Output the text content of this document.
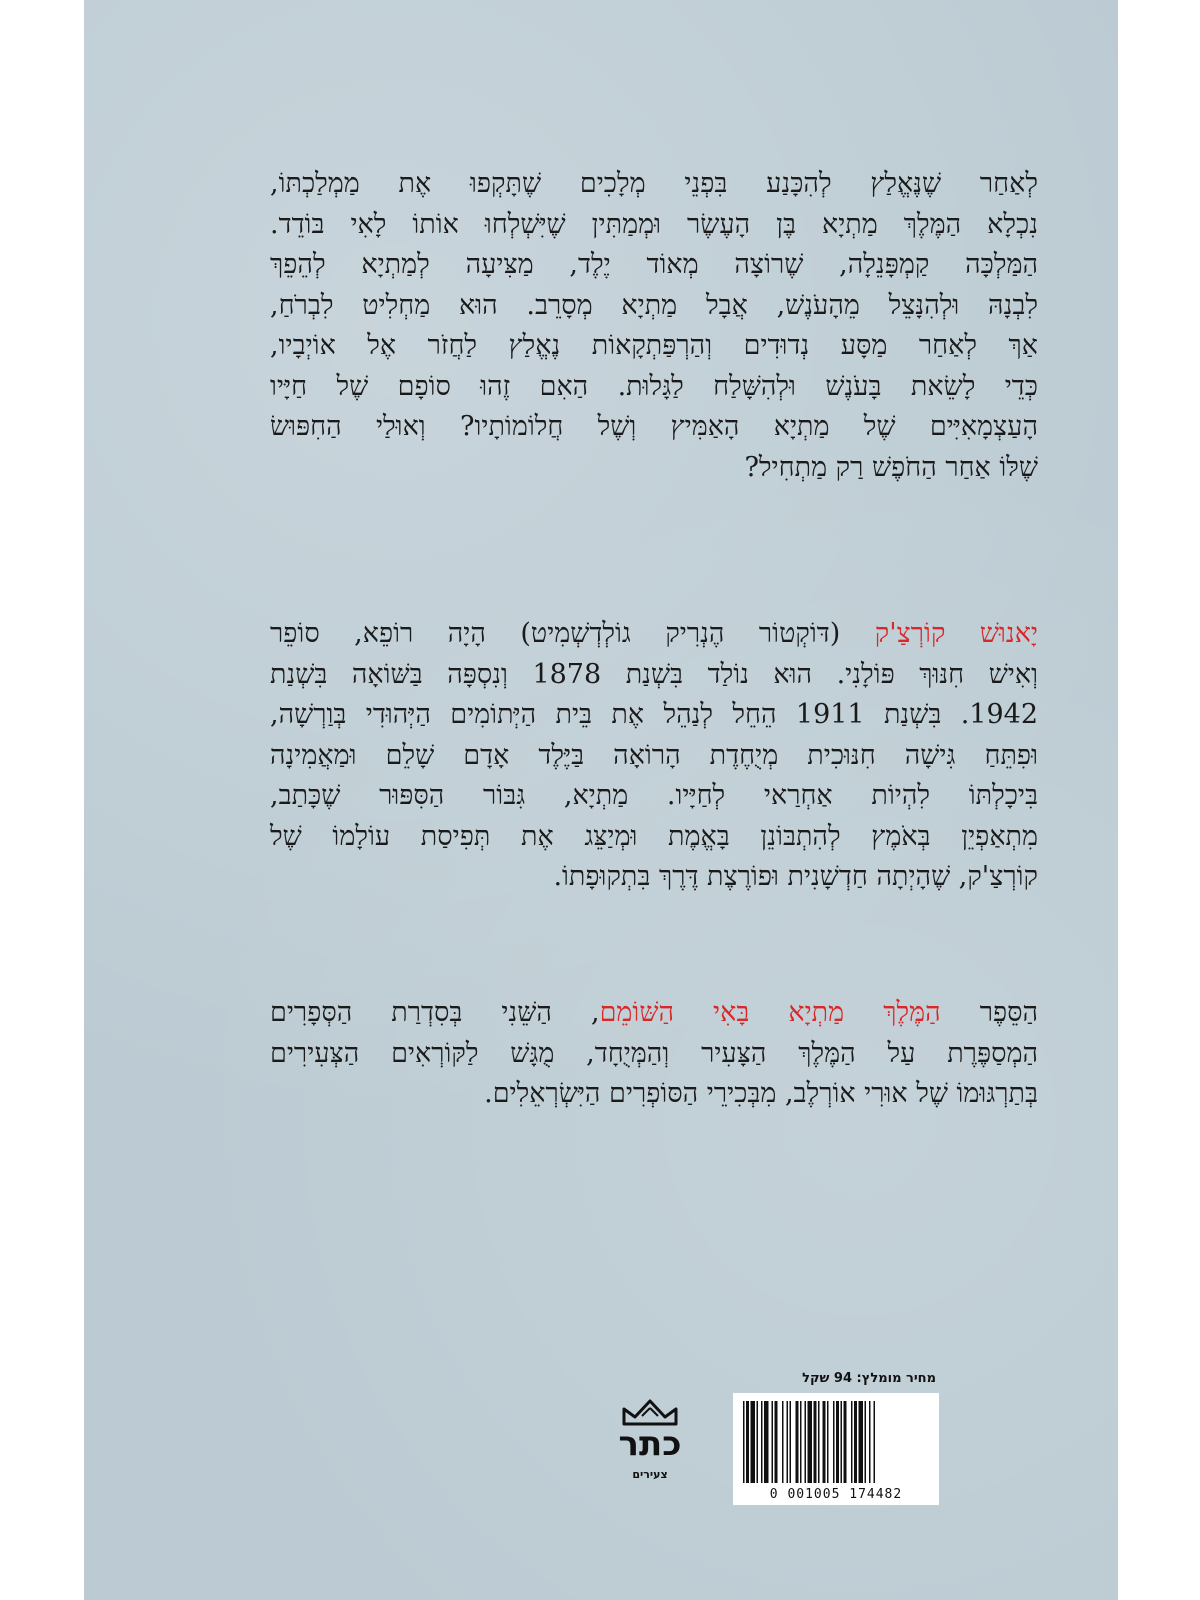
לְאַחַר שֶׁנֶּאֱלַץ לְהִכָּנַע בִּפְנֵי מְלָכִים שֶׁתָּקְפוּ אֶת מַמְלַכְתּוֹ,
נִכְלָא הַמֶּלֶךְ מַתְיָא בֶּן הָעֶשֶׂר וּמְמַתִּין שֶׁיִּשְׁלְחוּ אוֹתוֹ לָאִי בּוֹדֵד.
הַמַּלְכָּה קַמְפָּנֵלָה, שֶׁרוֹצָה מְאוֹד יֶלֶד, מַצִּיעָה לְמַתְיָא לְהֵפֵךְ
לִבְנָהּ וּלְהִנָּצֵל מֵהָעֹנֶשׁ, אֲבָל מַתְיָא מְסָרֵב. הוּא מַחְלִיט לִבְרֹחַ,
אַךְ לְאַחַר מַסָּע נְדוּדִים וְהַרְפַּתְקָאוֹת נֶאֱלַץ לַחֲזֹר אֶל אוֹיְבָיו,
כְּדֵי לָשֵׂאת בָּעֹנֶשׁ וּלְהִשָּׁלַח לַגָּלוּת. הַאִם זֶהוּ סוֹפָם שֶׁל חַיָּיו
הָעַצְמָאִיִּים שֶׁל מַתְיָא הָאַמִּיץ וְשֶׁל חֲלוֹמוֹתָיו? וְאוּלַי הַחִפּוּשׂ
שֶׁלּוֹ אַחַר הַחֹפֶשׁ רַק מַתְחִיל?
יָאנוּשׁ קוֹרְצַ'ק (דּוֹקְטוֹר הֶנְרִיק גוֹלְדְשְׁמִיט) הָיָה רוֹפֵא, סוֹפֵר
וְאִישׁ חִנּוּךְ פּוֹלָנִי. הוּא נוֹלַד בִּשְׁנַת 1878 וְנִסְפָּה בַּשּׁוֹאָה בִּשְׁנַת
1942. בִּשְׁנַת 1911 הֵחֵל לְנַהֵל אֶת בֵּית הַיְּתוֹמִים הַיְּהוּדִי בְּוַרְשָׁה,
וּפִתֵּחַ גִּישָׁה חִנּוּכִית מְיֻחֶדֶת הָרוֹאָה בַּיֶּלֶד אָדָם שָׁלֵם וּמַאֲמִינָה
בִּיכָלְתּוֹ לִהְיוֹת אַחְרַאי לְחַיָּיו. מַתְיָא, גִּבּוֹר הַסִּפּוּר שֶׁכָּתַב,
מִתְאַפְיֵן בְּאֹמֶץ לְהִתְבּוֹנֵן בָּאֱמֶת וּמְיַצֵּג אֶת תְּפִיסַת עוֹלָמוֹ שֶׁל
קוֹרְצַ'ק, שֶׁהָיְתָה חַדְשָׁנִית וּפוֹרֶצֶת דֶּרֶךְ בִּתְקוּפָתוֹ.
הַסֵּפֶר הַמֶּלֶךְ מַתְיָא בָּאִי הַשּׁוֹמֵם, הַשֵּׁנִי בְּסִדְרַת הַסְּפָרִים
הַמְסַפֶּרֶת עַל הַמֶּלֶךְ הַצָּעִיר וְהַמְּיֻחָד, מֻגָּשׁ לַקּוֹרְאִים הַצְּעִירִים
בְּתַרְגּוּמוֹ שֶׁל אוּרִי אוֹרְלֶב, מִבְּכִירֵי הַסּוֹפְרִים הַיִּשְׂרְאֵלִים.
מחיר מומלץ: 94 שקל
0 001005 174482
כתר
צעירים
